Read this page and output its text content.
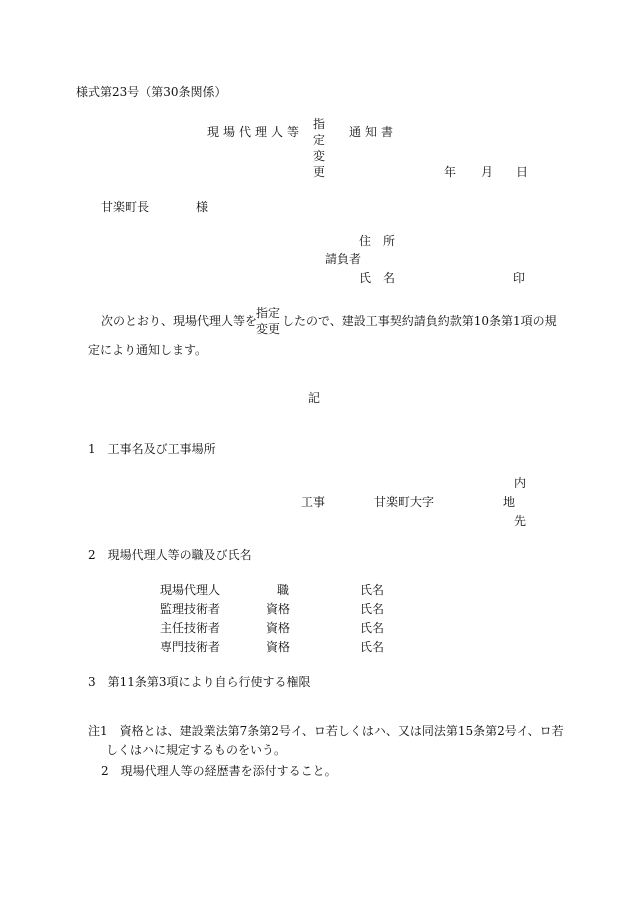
様式第23号（第30条関係）
現場代理人等
指定
変更
通知書
年 月 日
甘楽町長	様
住　所
請負者
氏　名	印
次のとおり、現場代理人等を
指定
変更
したので、建設工事契約請負約款第10条第1項の規
定により通知します。
記
1　工事名及び工事場所
内
工事	甘楽町大字	地
先
2　現場代理人等の職及び氏名
現場代理人	職	氏名
監理技術者	資格	氏名
主任技術者	資格	氏名
専門技術者	資格	氏名
3　第11条第3項により自ら行使する権限
注1　資格とは、建設業法第7条第2号イ、ロ若しくはハ、又は同法第15条第2号イ、ロ若
しくはハに規定するものをいう。
2　現場代理人等の経歴書を添付すること。
